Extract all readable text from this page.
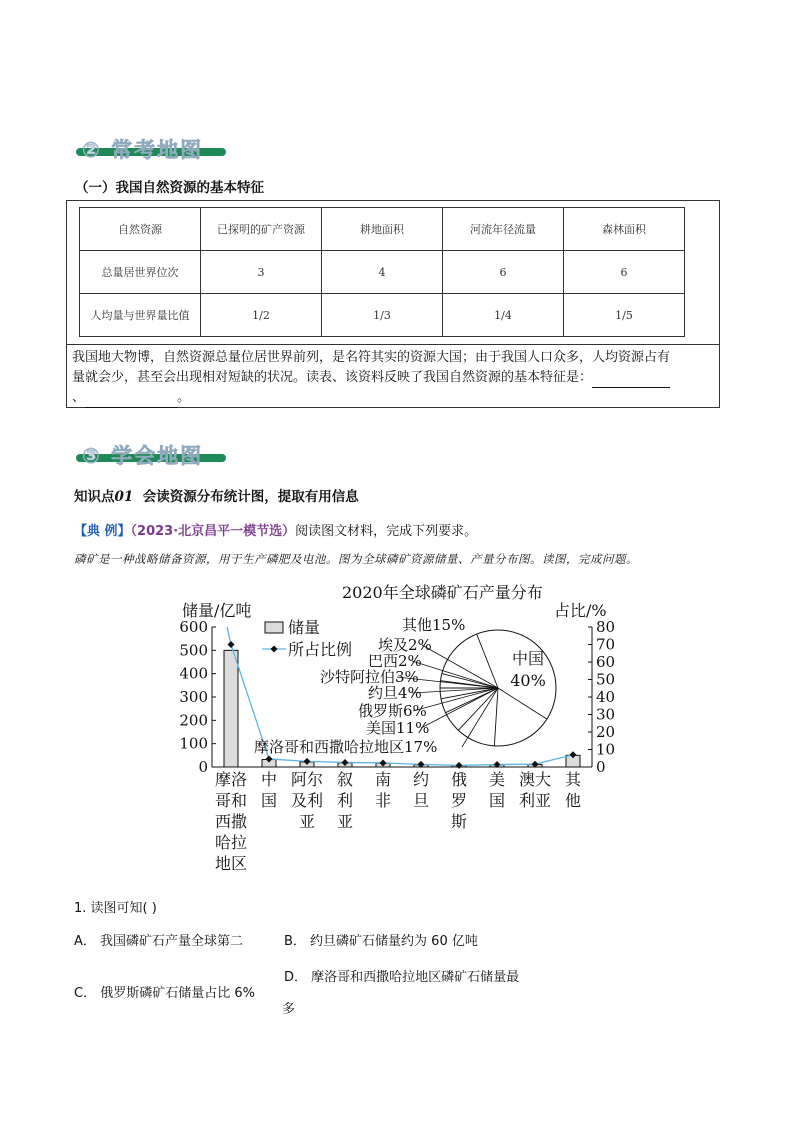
② 常考地图
（一）我国自然资源的基本特征
自然资源	已探明的矿产资源	耕地面积	河流年径流量	森林面积
总量居世界位次	3	4	6	6
人均量与世界量比值	1/2	1/3	1/4	1/5
我国地大物博，自然资源总量位居世界前列，是名符其实的资源大国；由于我国人口众多，人均资源占有
量就会少，甚至会出现相对短缺的状况。读表、该资料反映了我国自然资源的基本特征是：
、	。
③ 学会地图
知识点01 会读资源分布统计图，提取有用信息
【典 例】（2023·北京昌平一模节选）阅读图文材料，完成下列要求。
磷矿是一种战略储备资源，用于生产磷肥及电池。图为全球磷矿资源储量、产量分布图。读图，完成问题。
0
100
200
300
400
500
600
0
10
20
30
40
50
60
70
80
储量/亿吨	占比/%
2020年全球磷矿石产量分布
摩洛
哥和
西撒
哈拉
地区
中
国
阿尔
及利
亚
叙
利
亚
南
非
约
旦
俄
罗
斯
美
国
澳大
利亚
其
他
储量
所占比例	中国
40%
其他15%
埃及2%
巴西2%
沙特阿拉伯3%
约旦4%
俄罗斯6%
美国11%
摩洛哥和西撒哈拉地区17%
1. 读图可知( )
A． 我国磷矿石产量全球第二	B． 约旦磷矿石储量约为 60 亿吨
C． 俄罗斯磷矿石储量占比 6%
D． 摩洛哥和西撒哈拉地区磷矿石储量最
多
